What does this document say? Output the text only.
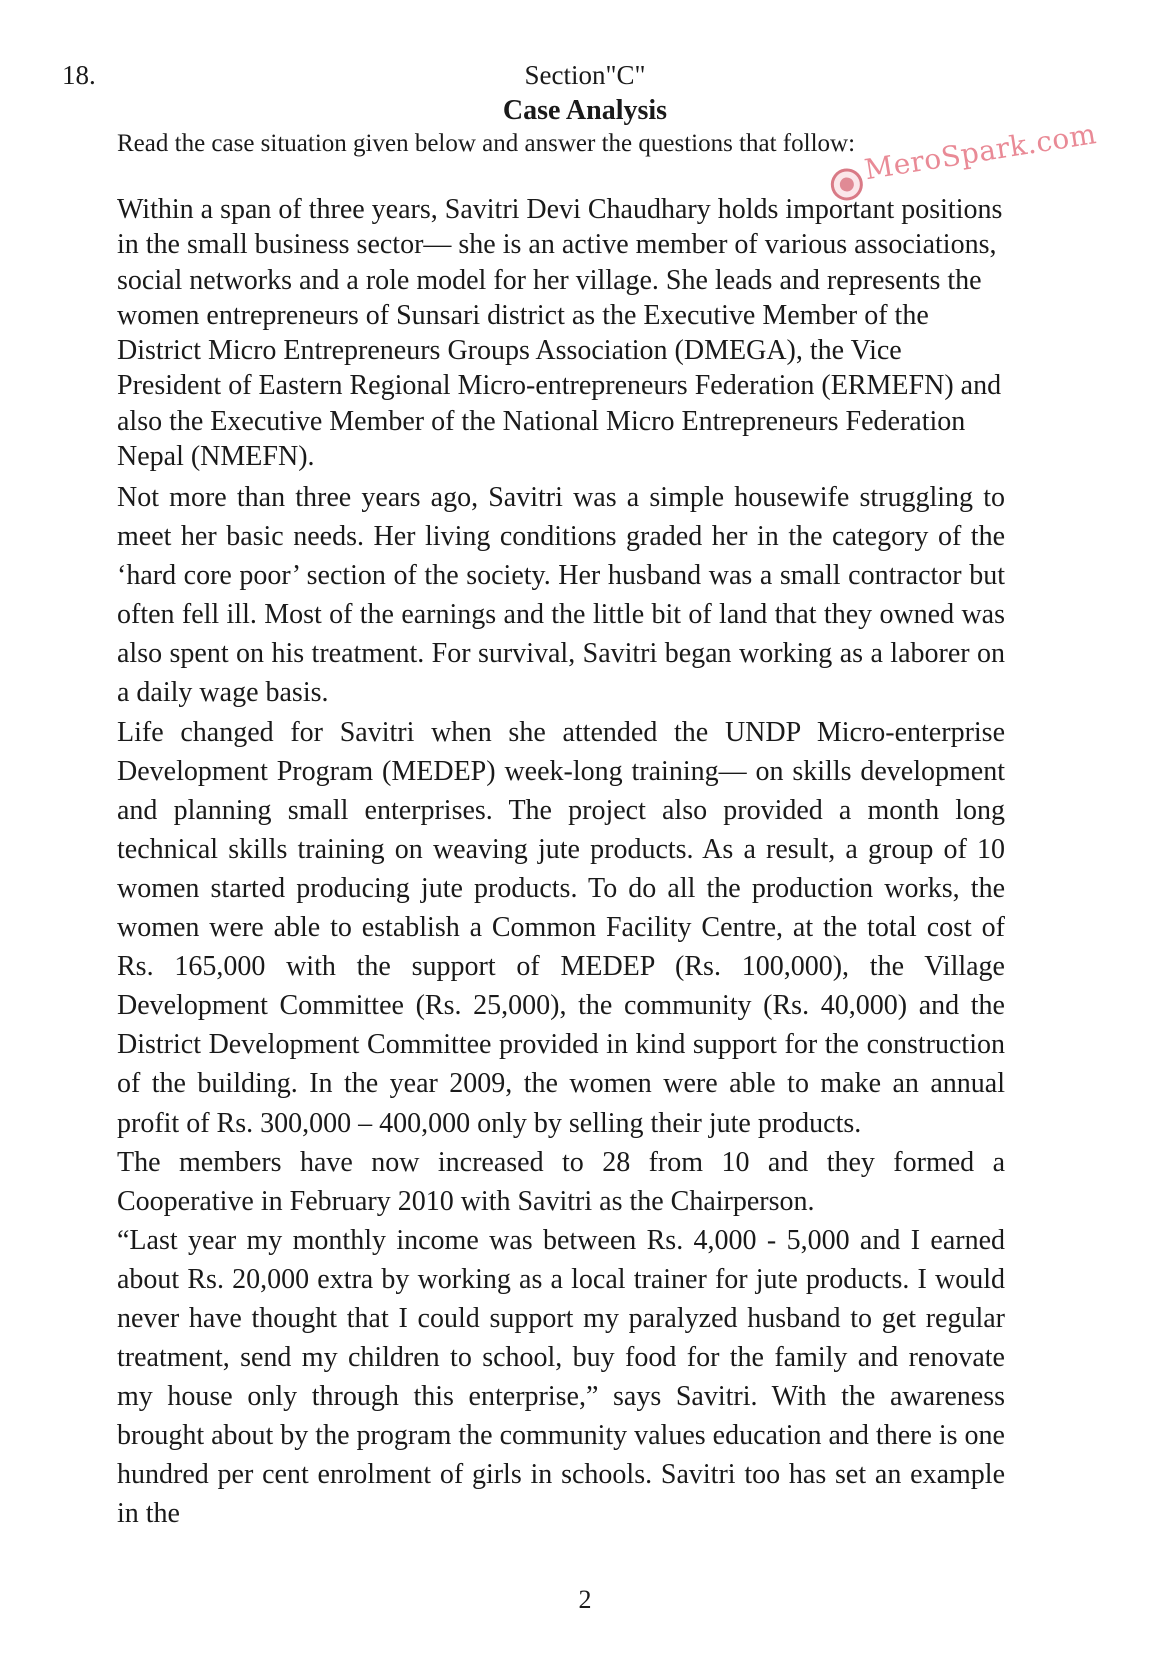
18.	Section"C"
Case Analysis
Read the case situation given below and answer the questions that follow: MeroSpark.com

Within a span of three years, Savitri Devi Chaudhary holds important positions in the small business sector— she is an active member of various associations, social networks and a role model for her village. She leads and represents the women entrepreneurs of Sunsari district as the Executive Member of the District Micro Entrepreneurs Groups Association (DMEGA), the Vice President of Eastern Regional Micro-entrepreneurs Federation (ERMEFN) and also the Executive Member of the National Micro Entrepreneurs Federation Nepal (NMEFN).

Not more than three years ago, Savitri was a simple housewife struggling to meet her basic needs. Her living conditions graded her in the category of the ‘hard core poor’ section of the society. Her husband was a small contractor but often fell ill. Most of the earnings and the little bit of land that they owned was also spent on his treatment. For survival, Savitri began working as a laborer on a daily wage basis.

Life changed for Savitri when she attended the UNDP Micro-enterprise Development Program (MEDEP) week-long training— on skills development and planning small enterprises. The project also provided a month long technical skills training on weaving jute products. As a result, a group of 10 women started producing jute products. To do all the production works, the women were able to establish a Common Facility Centre, at the total cost of Rs. 165,000 with the support of MEDEP (Rs. 100,000), the Village Development Committee (Rs. 25,000), the community (Rs. 40,000) and the District Development Committee provided in kind support for the construction of the building. In the year 2009, the women were able to make an annual profit of Rs. 300,000 – 400,000 only by selling their jute products.

The members have now increased to 28 from 10 and they formed a Cooperative in February 2010 with Savitri as the Chairperson.

“Last year my monthly income was between Rs. 4,000 - 5,000 and I earned about Rs. 20,000 extra by working as a local trainer for jute products. I would never have thought that I could support my paralyzed husband to get regular treatment, send my children to school, buy food for the family and renovate my house only through this enterprise,” says Savitri. With the awareness brought about by the program the community values education and there is one hundred per cent enrolment of girls in schools. Savitri too has set an example in the

2
